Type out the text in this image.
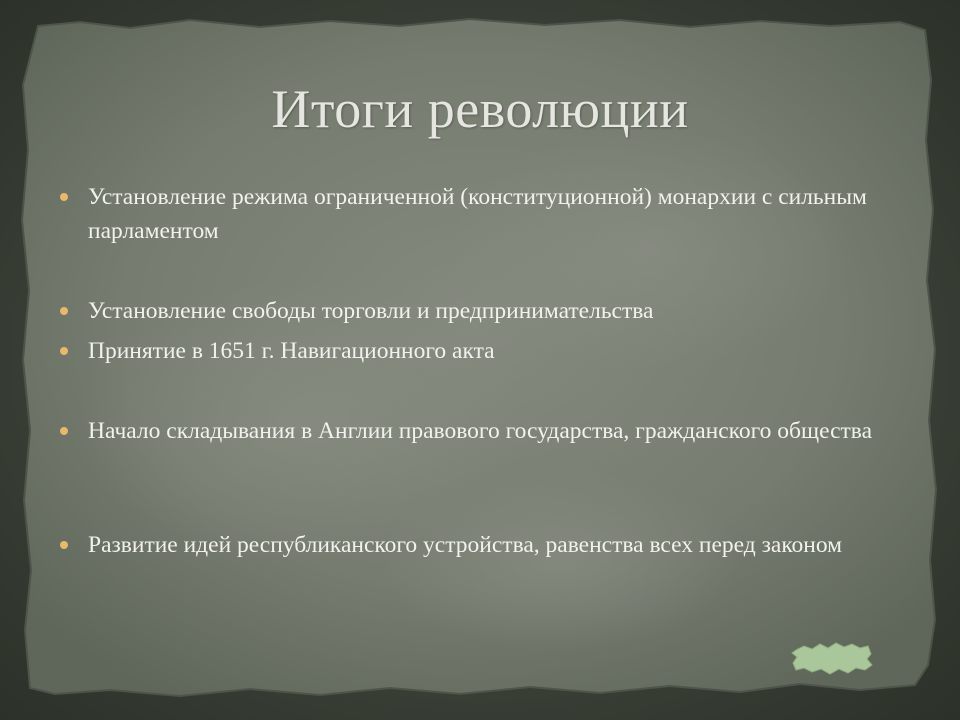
Итоги революции
Установление режима ограниченной (конституционной) монархии с сильным парламентом
Установление свободы торговли и предпринимательства
Принятие в 1651 г. Навигационного акта
Начало складывания в Англии правового государства, гражданского общества
Развитие идей республиканского устройства, равенства всех перед законом
